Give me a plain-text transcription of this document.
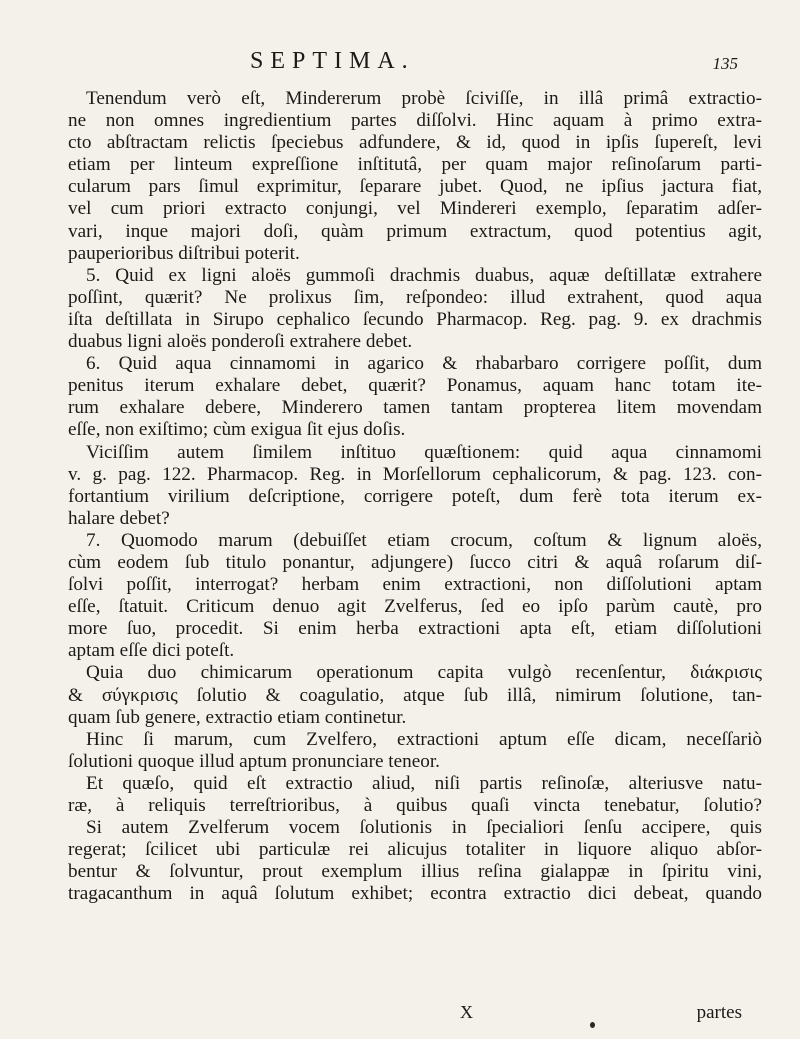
SEPTIMA.	135
Tenendum verò eſt, Mindererum probè ſciviſſe, in illâ primâ extractio-
ne non omnes ingredientium partes diſſolvi. Hinc aquam à primo extra-
cto abſtractam relictis ſpeciebus adfundere, & id, quod in ipſis ſupereſt, levi
etiam per linteum expreſſione inſtitutâ, per quam major reſinoſarum parti-
cularum pars ſimul exprimitur, ſeparare jubet. Quod, ne ipſius jactura fiat,
vel cum priori extracto conjungi, vel Mindereri exemplo, ſeparatim adſer-
vari, inque majori doſi, quàm primum extractum, quod potentius agit,
pauperioribus diſtribui poterit.
5. Quid ex ligni aloës gummoſi drachmis duabus, aquæ deſtillatæ extrahere
poſſint, quærit? Ne prolixus ſim, reſpondeo: illud extrahent, quod aqua
iſta deſtillata in Sirupo cephalico ſecundo Pharmacop. Reg. pag. 9. ex drachmis
duabus ligni aloës ponderoſi extrahere debet.
6. Quid aqua cinnamomi in agarico & rhabarbaro corrigere poſſit, dum
penitus iterum exhalare debet, quærit? Ponamus, aquam hanc totam ite-
rum exhalare debere, Minderero tamen tantam propterea litem movendam
eſſe, non exiſtimo; cùm exigua ſit ejus doſis.
Viciſſim autem ſimilem inſtituo quæſtionem: quid aqua cinnamomi
v. g. pag. 122. Pharmacop. Reg. in Morſellorum cephalicorum, & pag. 123. con-
fortantium virilium deſcriptione, corrigere poteſt, dum ferè tota iterum ex-
halare debet?
7. Quomodo marum (debuiſſet etiam crocum, coſtum & lignum aloës,
cùm eodem ſub titulo ponantur, adjungere) ſucco citri & aquâ roſarum diſ-
ſolvi poſſit, interrogat? herbam enim extractioni, non diſſolutioni aptam
eſſe, ſtatuit. Criticum denuo agit Zvelferus, ſed eo ipſo parùm cautè, pro
more ſuo, procedit. Si enim herba extractioni apta eſt, etiam diſſolutioni
aptam eſſe dici poteſt.
Quia duo chimicarum operationum capita vulgò recenſentur, διάκρισις
& σύγκρισις ſolutio & coagulatio, atque ſub illâ, nimirum ſolutione, tan-
quam ſub genere, extractio etiam continetur.
Hinc ſi marum, cum Zvelfero, extractioni aptum eſſe dicam, neceſſariò
ſolutioni quoque illud aptum pronunciare teneor.
Et quæſo, quid eſt extractio aliud, niſi partis reſinoſæ, alteriusve natu-
ræ, à reliquis terreſtrioribus, à quibus quaſi vincta tenebatur, ſolutio?
Si autem Zvelferum vocem ſolutionis in ſpecialiori ſenſu accipere, quis
regerat; ſcilicet ubi particulæ rei alicujus totaliter in liquore aliquo abſor-
bentur & ſolvuntur, prout exemplum illius reſina gialappæ in ſpiritu vini,
tragacanthum in aquâ ſolutum exhibet; econtra extractio dici debeat, quando
X	partes
